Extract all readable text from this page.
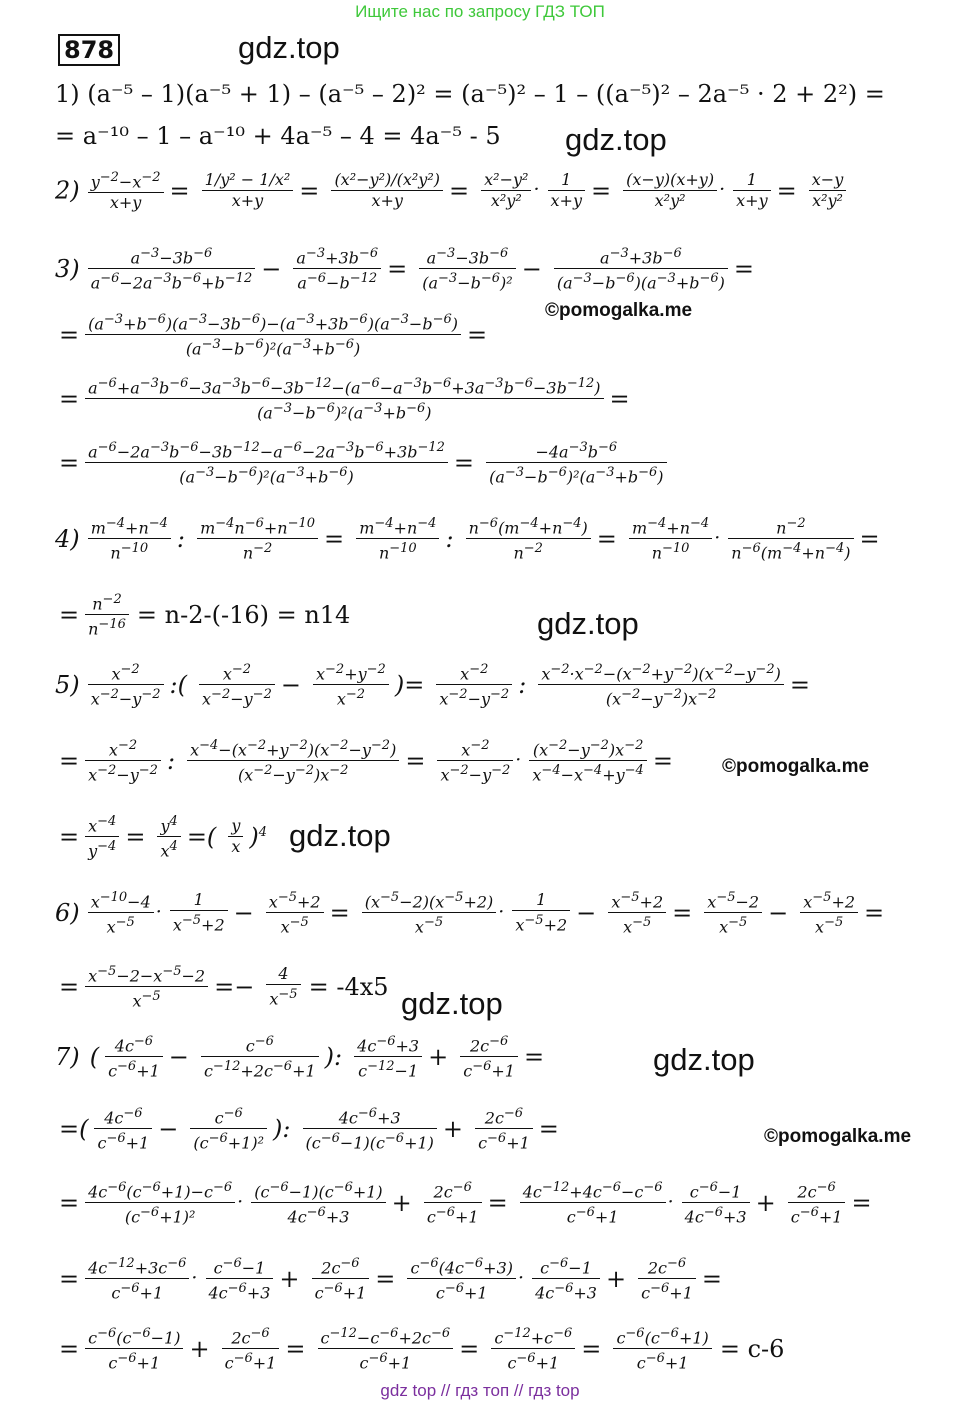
Ищите нас по запросу ГДЗ ТОП
878	gdz.top
gdz.top
©pomogalka.me
gdz.top
©pomogalka.me
gdz.top
gdz.top
gdz.top
©pomogalka.me
1) (a⁻⁵ – 1)(a⁻⁵ + 1) – (a⁻⁵ – 2)² = (a⁻⁵)² – 1 – ((a⁻⁵)² – 2a⁻⁵ · 2 + 2²) =
= a⁻¹⁰ – 1 – a⁻¹⁰ + 4a⁻⁵ – 4 = 4a⁻⁵ - 5
$2) \frac{y^{-2}-x^{-2}}{x+y} = \frac{\text{1/y² − 1/x²}}{x+y} = \frac{\text{(x²−y²)/(x²y²)}}{x+y} = \frac{\text{x²−y²}}{\text{x²y²}} \cdot \frac{1}{x+y} = \frac{(x-y)(x+y)}{\text{x²y²}} \cdot \frac{1}{x+y} = \frac{x-y}{\text{x²y²}}$
$3) \frac{a^{-3}-3b^{-6}}{a^{-6}-2a^{-3}b^{-6}+b^{-12}} - \frac{a^{-3}+3b^{-6}}{a^{-6}-b^{-12}} = \frac{a^{-3}-3b^{-6}}{(a^{-3}-b^{-6})^2} - \frac{a^{-3}+3b^{-6}}{(a^{-3}-b^{-6})(a^{-3}+b^{-6})}$ =
= $\frac{(a^{-3}+b^{-6})(a^{-3}-3b^{-6})-(a^{-3}+3b^{-6})(a^{-3}-b^{-6})}{(a^{-3}-b^{-6})^2(a^{-3}+b^{-6})}$ =
= $\frac{a^{-6}+a^{-3}b^{-6}-3a^{-3}b^{-6}-3b^{-12}-(a^{-6}-a^{-3}b^{-6}+3a^{-3}b^{-6}-3b^{-12})}{(a^{-3}-b^{-6})^2(a^{-3}+b^{-6})}$ =
= $\frac{a^{-6}-2a^{-3}b^{-6}-3b^{-12}-a^{-6}-2a^{-3}b^{-6}+3b^{-12}}{(a^{-3}-b^{-6})^2(a^{-3}+b^{-6})} = \frac{-4a^{-3}b^{-6}}{(a^{-3}-b^{-6})^2(a^{-3}+b^{-6})}$
$4) \frac{m^{-4}+n^{-4}}{n^{-10}}$ : $\frac{m^{-4}n^{-6}+n^{-10}}{n^{-2}} = \frac{m^{-4}+n^{-4}}{n^{-10}}$ : $\frac{n^{-6}(m^{-4}+n^{-4})}{n^{-2}} = \frac{m^{-4}+n^{-4}}{n^{-10}} \cdot \frac{n^{-2}}{n^{-6}(m^{-4}+n^{-4})}$ =
= $\frac{n^{-2}}{n^{-16}} = n-2-(-16) = n14$
$5) \frac{x^{-2}}{x^{-2}-y^{-2}}$ :( $\frac{x^{-2}}{x^{-2}-y^{-2}} - \frac{x^{-2}+y^{-2}}{x^{-2}}$ )= $\frac{x^{-2}}{x^{-2}-y^{-2}}$ : $\frac{x^{-2}\cdot x^{-2}-(x^{-2}+y^{-2})(x^{-2}-y^{-2})}{(x^{-2}-y^{-2})x^{-2}}$ =
= $\frac{x^{-2}}{x^{-2}-y^{-2}}$ : $\frac{x^{-4}-(x^{-2}+y^{-2})(x^{-2}-y^{-2})}{(x^{-2}-y^{-2})x^{-2}} = \frac{x^{-2}}{x^{-2}-y^{-2}} \cdot \frac{(x^{-2}-y^{-2})x^{-2}}{x^{-4}-x^{-4}+y^{-4}}$ =
= $\frac{x^{-4}}{y^{-4}} = \frac{y^4}{x^4}$ =( $\frac{y}{x} )^4$
$6) \frac{x^{-10}-4}{x^{-5}} \cdot \frac{1}{x^{-5}+2} - \frac{x^{-5}+2}{x^{-5}} = \frac{(x^{-5}-2)(x^{-5}+2)}{x^{-5}} \cdot \frac{1}{x^{-5}+2} - \frac{x^{-5}+2}{x^{-5}} = \frac{x^{-5}-2}{x^{-5}} - \frac{x^{-5}+2}{x^{-5}}$ =
= $\frac{x^{-5}-2-x^{-5}-2}{x^{-5}} =- \frac{4}{x^{-5}} = -4x5$
7) ( $\frac{4c^{-6}}{c^{-6}+1} - \frac{c^{-6}}{c^{-12}+2c^{-6}+1}$ ): $\frac{4c^{-6}+3}{c^{-12}-1} + \frac{2c^{-6}}{c^{-6}+1}$ =
=( $\frac{4c^{-6}}{c^{-6}+1} - \frac{c^{-6}}{(c^{-6}+1)^2}$ ): $\frac{4c^{-6}+3}{(c^{-6}-1)(c^{-6}+1)} + \frac{2c^{-6}}{c^{-6}+1}$ =
= $\frac{4c^{-6}(c^{-6}+1)-c^{-6}}{(c^{-6}+1)^2} \cdot \frac{(c^{-6}-1)(c^{-6}+1)}{4c^{-6}+3} + \frac{2c^{-6}}{c^{-6}+1} = \frac{4c^{-12}+4c^{-6}-c^{-6}}{c^{-6}+1} \cdot \frac{c^{-6}-1}{4c^{-6}+3} + \frac{2c^{-6}}{c^{-6}+1}$ =
= $\frac{4c^{-12}+3c^{-6}}{c^{-6}+1} \cdot \frac{c^{-6}-1}{4c^{-6}+3} + \frac{2c^{-6}}{c^{-6}+1} = \frac{c^{-6}(4c^{-6}+3)}{c^{-6}+1} \cdot \frac{c^{-6}-1}{4c^{-6}+3} + \frac{2c^{-6}}{c^{-6}+1}$ =
= $\frac{c^{-6}(c^{-6}-1)}{c^{-6}+1} + \frac{2c^{-6}}{c^{-6}+1} = \frac{c^{-12}-c^{-6}+2c^{-6}}{c^{-6}+1} = \frac{c^{-12}+c^{-6}}{c^{-6}+1} = \frac{c^{-6}(c^{-6}+1)}{c^{-6}+1} = c-6$
gdz top // гдз топ // гдз top
